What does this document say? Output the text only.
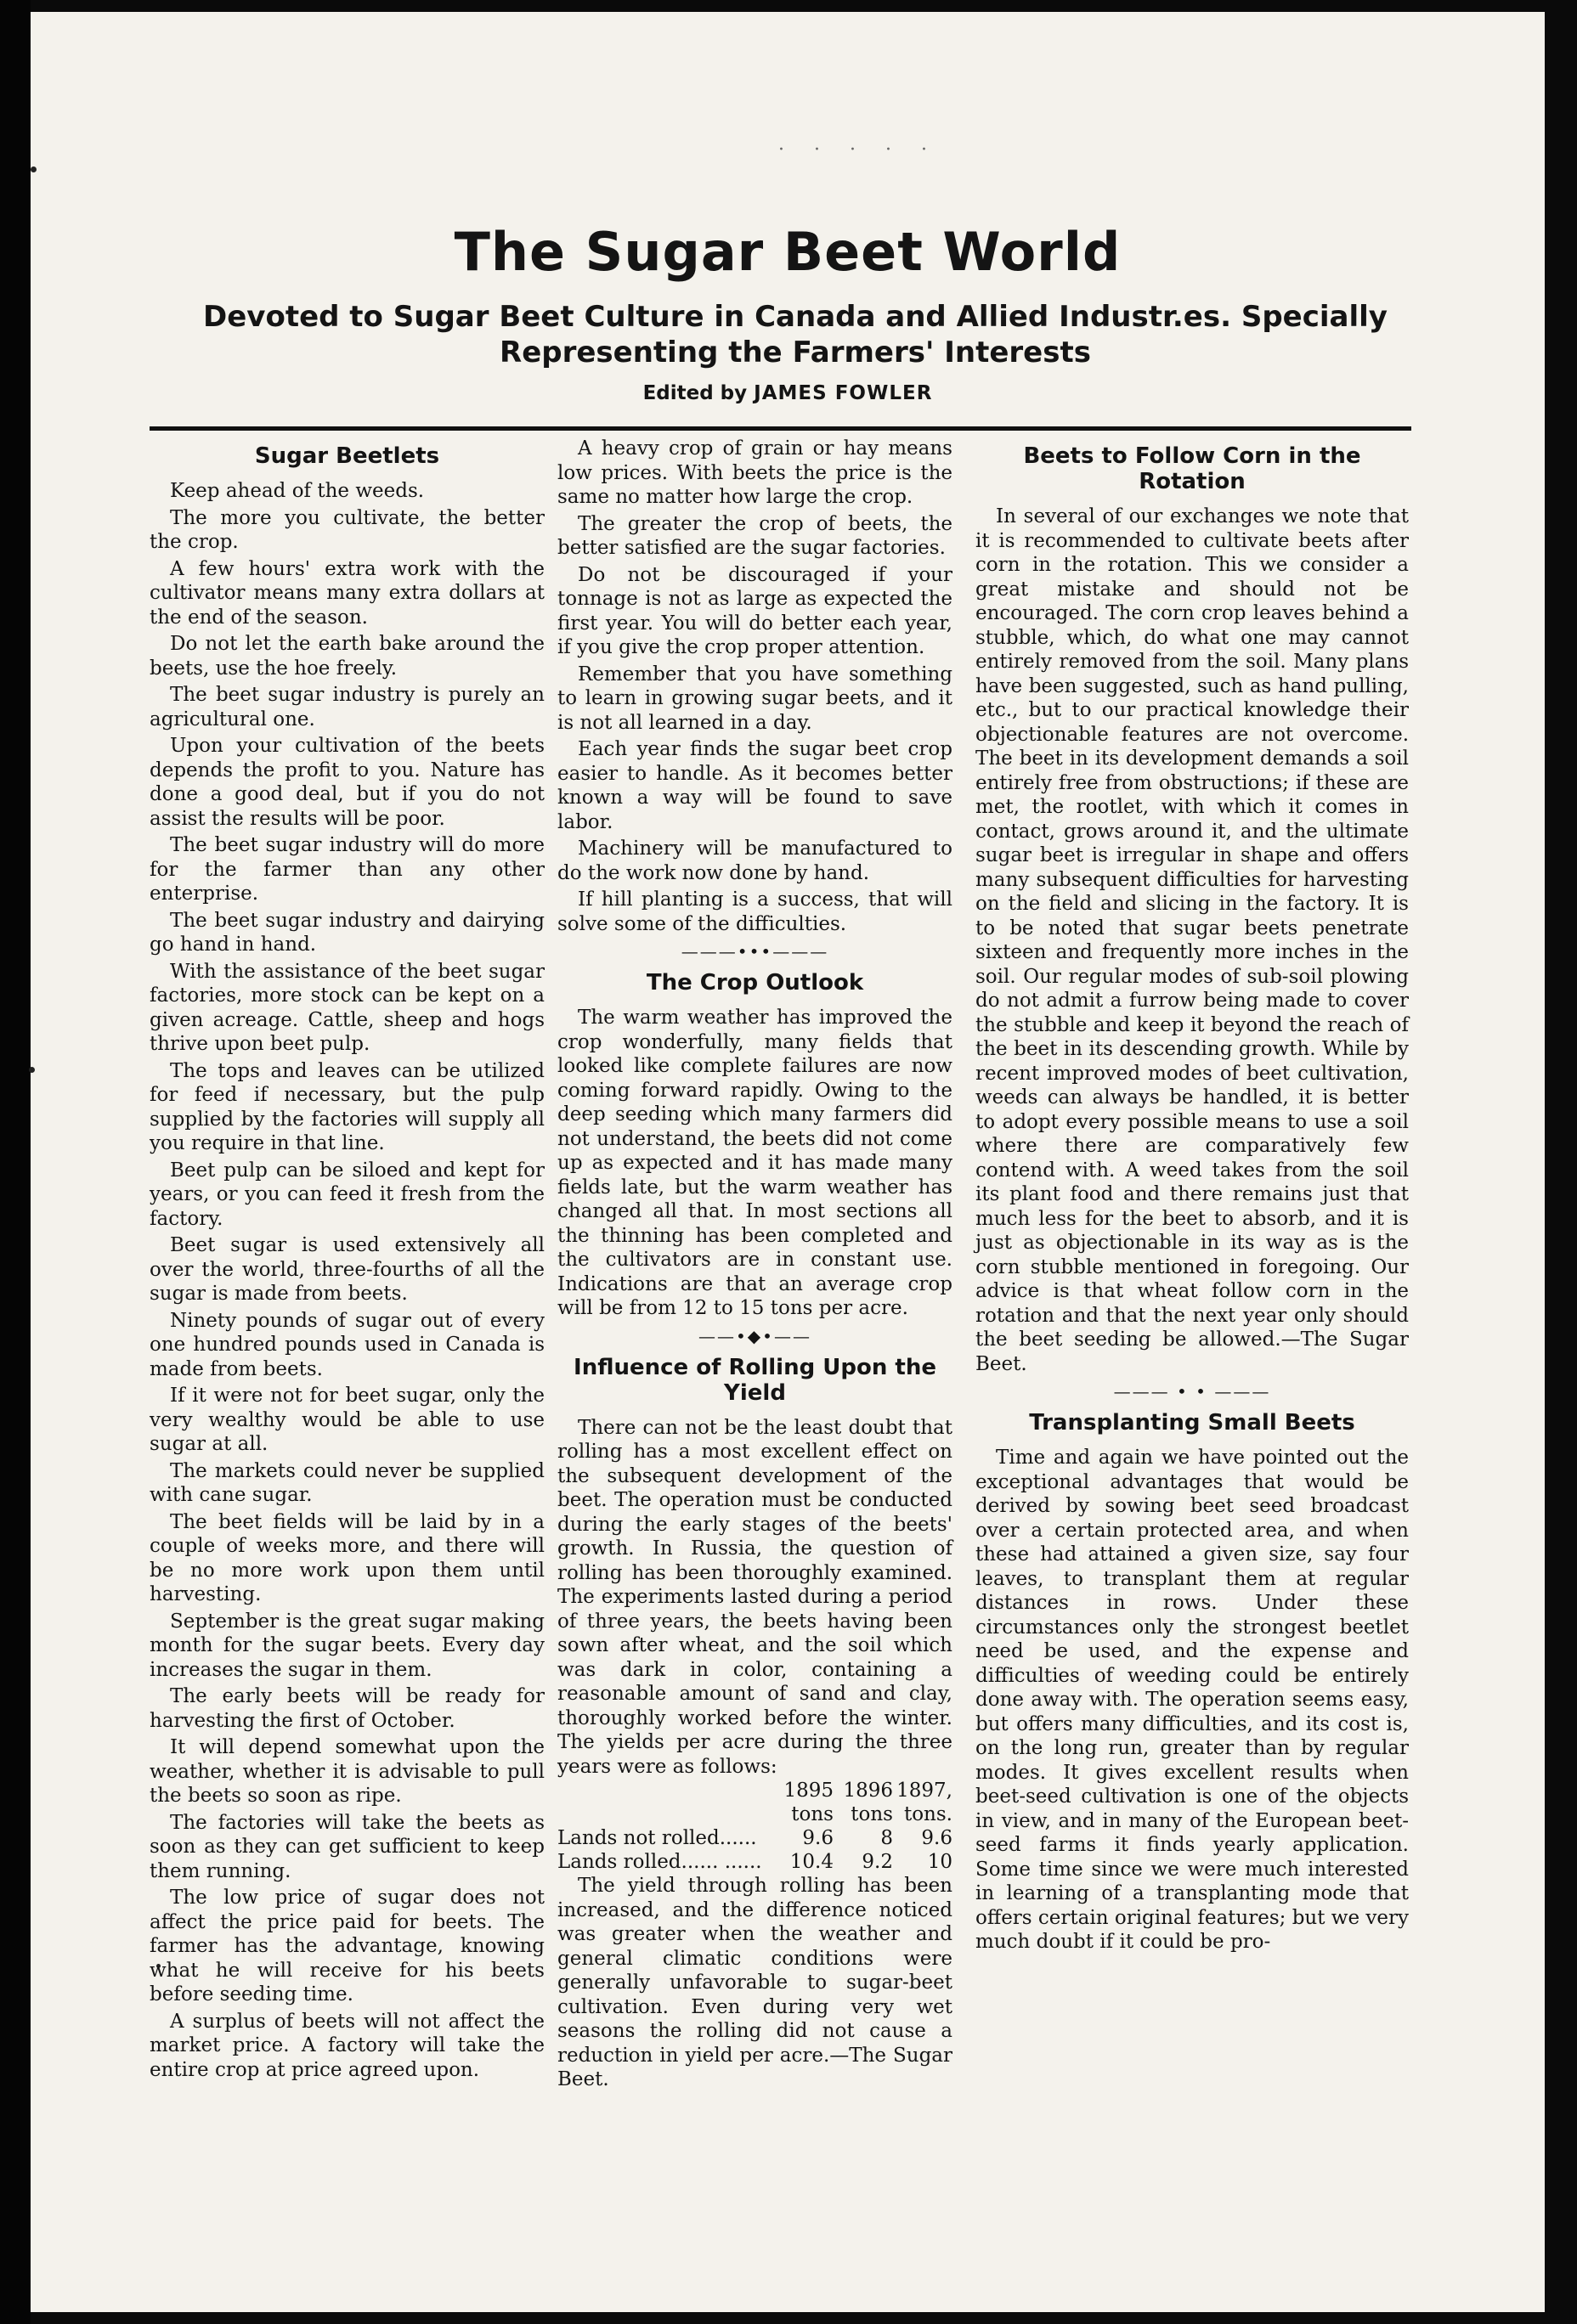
· · · · ·
The Sugar Beet World
Devoted to Sugar Beet Culture in Canada and Allied Industr.es. Specially Representing the Farmers' Interests
Edited by JAMES FOWLER
Sugar Beetlets

Keep ahead of the weeds.

The more you cultivate, the better the crop.

A few hours' extra work with the cultivator means many extra dollars at the end of the season.

Do not let the earth bake around the beets, use the hoe freely.

The beet sugar industry is purely an agricultural one.

Upon your cultivation of the beets depends the profit to you. Nature has done a good deal, but if you do not assist the results will be poor.

The beet sugar industry will do more for the farmer than any other enterprise.

The beet sugar industry and dairying go hand in hand.

With the assistance of the beet sugar factories, more stock can be kept on a given acreage. Cattle, sheep and hogs thrive upon beet pulp.

The tops and leaves can be utilized for feed if necessary, but the pulp supplied by the factories will supply all you require in that line.

Beet pulp can be siloed and kept for years, or you can feed it fresh from the factory.

Beet sugar is used extensively all over the world, three-fourths of all the sugar is made from beets.

Ninety pounds of sugar out of every one hundred pounds used in Canada is made from beets.

If it were not for beet sugar, only the very wealthy would be able to use sugar at all.

The markets could never be supplied with cane sugar.

The beet fields will be laid by in a couple of weeks more, and there will be no more work upon them until harvesting.

September is the great sugar making month for the sugar beets. Every day increases the sugar in them.

The early beets will be ready for harvesting the first of October.

It will depend somewhat upon the weather, whether it is advisable to pull the beets so soon as ripe.

The factories will take the beets as soon as they can get sufficient to keep them running.

The low price of sugar does not affect the price paid for beets. The farmer has the advantage, knowing what he will receive for his beets before seeding time.

A surplus of beets will not affect the market price. A factory will take the entire crop at price agreed upon.

A heavy crop of grain or hay means low prices. With beets the price is the same no matter how large the crop.

The greater the crop of beets, the better satisfied are the sugar factories.

Do not be discouraged if your tonnage is not as large as expected the first year. You will do better each year, if you give the crop proper attention.

Remember that you have something to learn in growing sugar beets, and it is not all learned in a day.

Each year finds the sugar beet crop easier to handle. As it becomes better known a way will be found to save labor.

Machinery will be manufactured to do the work now done by hand.

If hill planting is a success, that will solve some of the difficulties.

———•••———
The Crop Outlook

The warm weather has improved the crop wonderfully, many fields that looked like complete failures are now coming forward rapidly. Owing to the deep seeding which many farmers did not understand, the beets did not come up as expected and it has made many fields late, but the warm weather has changed all that. In most sections all the thinning has been completed and the cultivators are in constant use. Indications are that an average crop will be from 12 to 15 tons per acre.

——•◆•——
Influence of Rolling Upon the Yield

There can not be the least doubt that rolling has a most excellent effect on the subsequent development of the beet. The operation must be conducted during the early stages of the beets' growth. In Russia, the question of rolling has been thoroughly examined. The experiments lasted during a period of three years, the beets having been sown after wheat, and the soil which was dark in color, containing a reasonable amount of sand and clay, thoroughly worked before the winter. The yields per acre during the three years were as follows:

	1895	1896	1897,
	tons	tons	tons.
Lands not rolled......	9.6	8	9.6
Lands rolled...... ......	10.4	9.2	10

The yield through rolling has been increased, and the difference noticed was greater when the weather and general climatic conditions were generally unfavorable to sugar-beet cultivation. Even during very wet seasons the rolling did not cause a reduction in yield per acre.—The Sugar Beet.

Beets to Follow Corn in the Rotation

In several of our exchanges we note that it is recommended to cultivate beets after corn in the rotation. This we consider a great mistake and should not be encouraged. The corn crop leaves behind a stubble, which, do what one may cannot entirely removed from the soil. Many plans have been suggested, such as hand pulling, etc., but to our practical knowledge their objectionable features are not overcome. The beet in its development demands a soil entirely free from obstructions; if these are met, the rootlet, with which it comes in contact, grows around it, and the ultimate sugar beet is irregular in shape and offers many subsequent difficulties for harvesting on the field and slicing in the factory. It is to be noted that sugar beets penetrate sixteen and frequently more inches in the soil. Our regular modes of sub-soil plowing do not admit a furrow being made to cover the stubble and keep it beyond the reach of the beet in its descending growth. While by recent improved modes of beet cultivation, weeds can always be handled, it is better to adopt every possible means to use a soil where there are comparatively few contend with. A weed takes from the soil its plant food and there remains just that much less for the beet to absorb, and it is just as objectionable in its way as is the corn stubble mentioned in foregoing. Our advice is that wheat follow corn in the rotation and that the next year only should the beet seeding be allowed.—The Sugar Beet.

——— • • ———
Transplanting Small Beets

Time and again we have pointed out the exceptional advantages that would be derived by sowing beet seed broadcast over a certain protected area, and when these had attained a given size, say four leaves, to transplant them at regular distances in rows. Under these circumstances only the strongest beetlet need be used, and the expense and difficulties of weeding could be entirely done away with. The operation seems easy, but offers many difficulties, and its cost is, on the long run, greater than by regular modes. It gives excellent results when beet-seed cultivation is one of the objects in view, and in many of the European beet-seed farms it finds yearly application. Some time since we were much interested in learning of a transplanting mode that offers certain original features; but we very much doubt if it could be pro-
